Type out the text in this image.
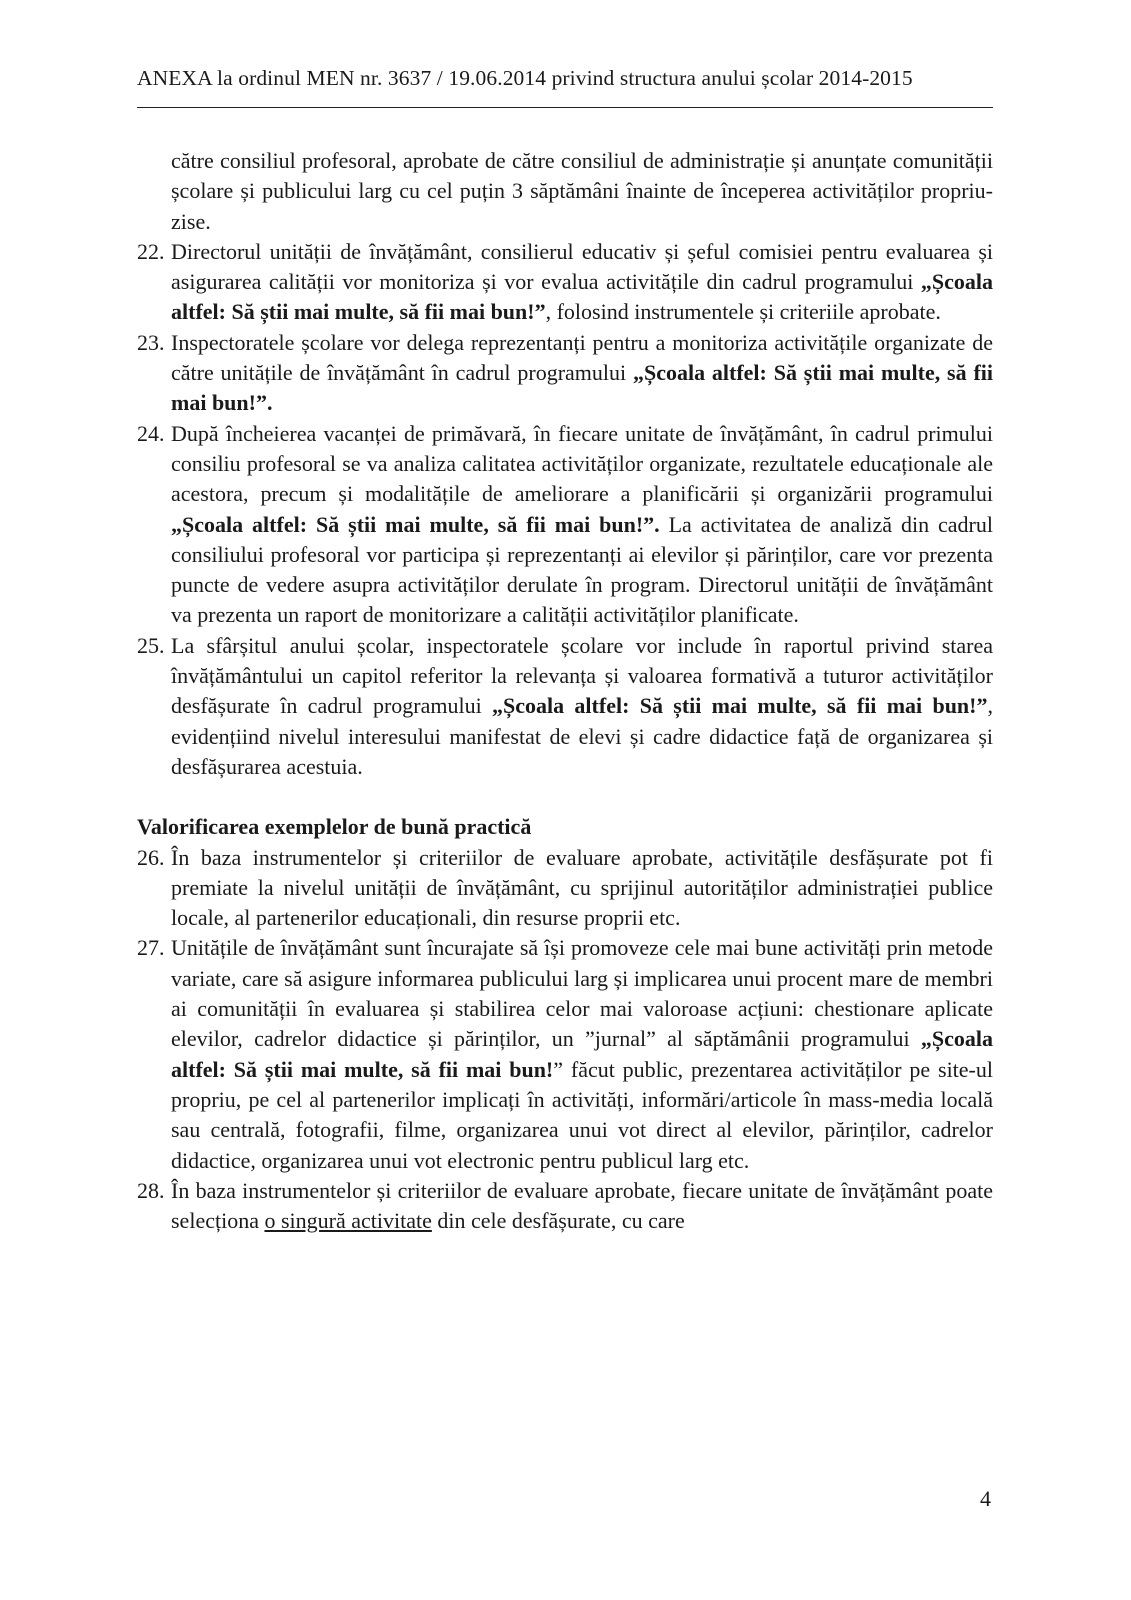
ANEXA la ordinul MEN nr. 3637 / 19.06.2014 privind structura anului școlar 2014-2015
către consiliul profesoral, aprobate de către consiliul de administrație și anunțate comunității școlare și publicului larg cu cel puțin 3 săptămâni înainte de începerea activităților propriu-zise.
22. Directorul unității de învățământ, consilierul educativ și șeful comisiei pentru evaluarea și asigurarea calității vor monitoriza și vor evalua activitățile din cadrul programului „Școala altfel: Să știi mai multe, să fii mai bun!”, folosind instrumentele și criteriile aprobate.
23. Inspectoratele școlare vor delega reprezentanți pentru a monitoriza activitățile organizate de către unitățile de învățământ în cadrul programului „Școala altfel: Să știi mai multe, să fii mai bun!”.
24. După încheierea vacanței de primăvară, în fiecare unitate de învățământ, în cadrul primului consiliu profesoral se va analiza calitatea activităților organizate, rezultatele educaționale ale acestora, precum și modalitățile de ameliorare a planificării și organizării programului „Școala altfel: Să știi mai multe, să fii mai bun!”. La activitatea de analiză din cadrul consiliului profesoral vor participa și reprezentanți ai elevilor și părinților, care vor prezenta puncte de vedere asupra activităților derulate în program. Directorul unității de învățământ va prezenta un raport de monitorizare a calității activităților planificate.
25. La sfârșitul anului școlar, inspectoratele școlare vor include în raportul privind starea învățământului un capitol referitor la relevanța și valoarea formativă a tuturor activităților desfășurate în cadrul programului „Școala altfel: Să știi mai multe, să fii mai bun!”, evidențiind nivelul interesului manifestat de elevi și cadre didactice față de organizarea și desfășurarea acestuia.
Valorificarea exemplelor de bună practică
26. În baza instrumentelor și criteriilor de evaluare aprobate, activitățile desfășurate pot fi premiate la nivelul unității de învățământ, cu sprijinul autorităților administrației publice locale, al partenerilor educaționali, din resurse proprii etc.
27. Unitățile de învățământ sunt încurajate să își promoveze cele mai bune activități prin metode variate, care să asigure informarea publicului larg și implicarea unui procent mare de membri ai comunității în evaluarea și stabilirea celor mai valoroase acțiuni: chestionare aplicate elevilor, cadrelor didactice și părinților, un ”jurnal” al săptămânii programului „Școala altfel: Să știi mai multe, să fii mai bun!” făcut public, prezentarea activităților pe site-ul propriu, pe cel al partenerilor implicați în activități, informări/articole în mass-media locală sau centrală, fotografii, filme, organizarea unui vot direct al elevilor, părinților, cadrelor didactice, organizarea unui vot electronic pentru publicul larg etc.
28. În baza instrumentelor și criteriilor de evaluare aprobate, fiecare unitate de învățământ poate selecționa o singură activitate din cele desfășurate, cu care
4
